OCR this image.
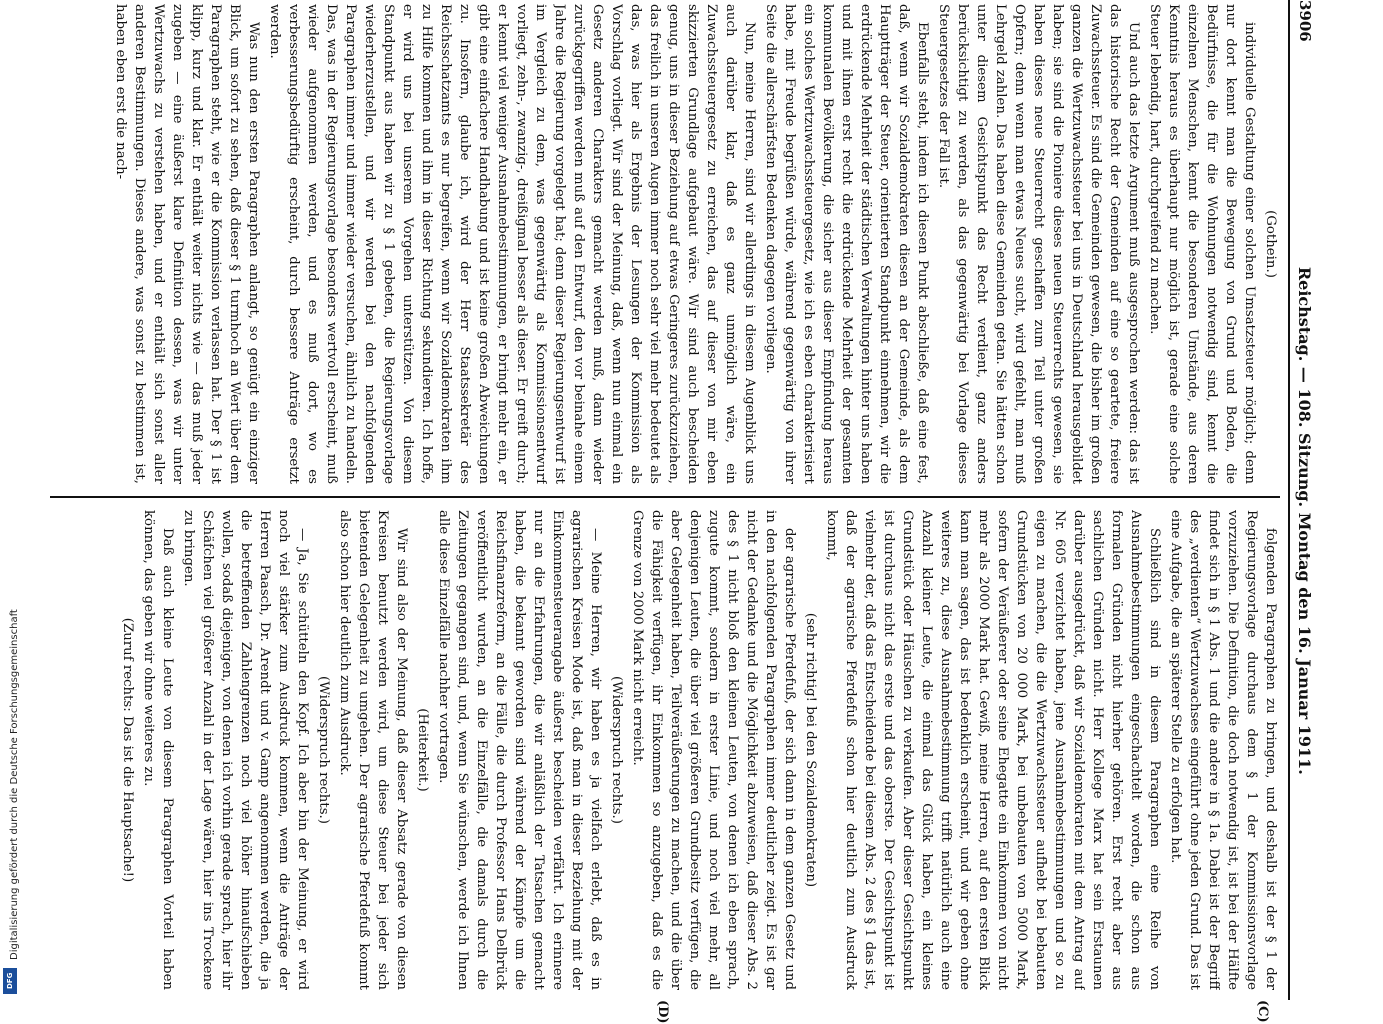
Digitalisierung gefördert durch die Deutsche Forschungsgemeinschaft
DFG
3906
Reichstag. — 108. Sitzung. Montag den 16. Januar 1911.

(Gothein.)

individuelle Gestaltung einer solchen Umsatzsteuer möglich; denn nur dort kennt man die Bewegung von Grund und Boden, die Bedürfnisse, die für die Wohnungen notwendig sind, kennt die einzelnen Menschen, kennt die besonderen Umstände, aus deren Kenntnis heraus es überhaupt nur möglich ist, gerade eine solche Steuer lebendig, hart, durchgreifend zu machen.

Und auch das letzte Argument muß ausgesprochen werden: das ist das historische Recht der Gemeinden auf eine so geartete, freiere Zuwachssteuer. Es sind die Gemeinden gewesen, die bisher im großen ganzen die Wertzuwachssteuer bei uns in Deutschland herausgebildet haben; sie sind die Pioniere dieses neuen Steuerrechts gewesen, sie haben dieses neue Steuerrecht geschaffen zum Teil unter großen Opfern; denn wenn man etwas Neues sucht, wird gefehlt, man muß Lehrgeld zahlen. Das haben diese Gemeinden getan. Sie hätten schon unter diesem Gesichtspunkt das Recht verdient, ganz anders berücksichtigt zu werden, als das gegenwärtig bei Vorlage dieses Steuergesetzes der Fall ist.

Ebenfalls steht, indem ich diesen Punkt abschließe, daß eine fest, daß, wenn wir Sozialdemokraten diesen an der Gemeinde, als dem Hauptträger der Steuer, orientierten Standpunkt einnehmen, wir die erdrückende Mehrheit der städtischen Verwaltungen hinter uns haben und mit ihnen erst recht die erdrückende Mehrheit der gesamten kommunalen Bevölkerung, die sicher aus dieser Empfindung heraus ein solches Wertzuwachssteuergesetz, wie ich es eben charakterisiert habe, mit Freude begrüßen würde, während gegenwärtig von ihrer Seite die allerschärfsten Bedenken dagegen vorliegen.

Nun, meine Herren, sind wir allerdings in diesem Augenblick uns auch darüber klar, daß es ganz unmöglich wäre, ein Zuwachssteuergesetz zu erreichen, das auf dieser von mir eben skizzierten Grundlage aufgebaut wäre. Wir sind auch bescheiden genug, uns in dieser Beziehung auf etwas Geringeres zurückzuziehen, das freilich in unseren Augen immer noch sehr viel mehr bedeutet als das, was hier als Ergebnis der Lesungen der Kommission als Vorschlag vorliegt. Wir sind der Meinung, daß, wenn nun einmal ein Gesetz anderen Charakters gemacht werden muß, dann wieder zurückgegriffen werden muß auf den Entwurf, den vor beinahe einem Jahre die Regierung vorgelegt hat; denn dieser Regierungsentwurf ist im Vergleich zu dem, was gegenwärtig als Kommissionsentwurf vorliegt, zehn-, zwanzig-, dreißigmal besser als dieser. Er greift durch; er kennt viel weniger Ausnahmebestimmungen, er bringt mehr ein, er gibt eine einfachere Handhabung und ist keine großen Abweichungen zu. Insofern, glaube ich, wird der Herr Staatssekretär des Reichsschatzamts es nur begreifen, wenn wir Sozialdemokraten ihm zu Hilfe kommen und ihm in dieser Richtung sekundieren. Ich hoffe, er wird uns bei unserem Vorgehen unterstützen. Von diesem Standpunkt aus haben wir zu § 1 gebeten, die Regierungsvorlage wiederherzustellen, und wir werden bei den nachfolgenden Paragraphen immer und immer wieder versuchen, ähnlich zu handeln. Das, was in der Regierungsvorlage besonders wertvoll erscheint, muß wieder aufgenommen werden, und es muß dort, wo es verbesserungsbedürftig erscheint, durch bessere Anträge ersetzt werden.

Was nun den ersten Paragraphen anlangt, so genügt ein einziger Blick, um sofort zu sehen, daß dieser § 1 turmhoch an Wert über dem Paragraphen steht, wie er die Kommission verlassen hat. Der § 1 ist klipp, kurz und klar. Er enthält weiter nichts wie — das muß jeder zugeben — eine äußerst klare Definition dessen, was wir unter Wertzuwachs zu verstehen haben, und er enthält sich sonst aller anderen Bestimmungen. Dieses andere, was sonst zu bestimmen ist, haben eben erst die nach-

folgenden Paragraphen zu bringen, und deshalb ist der § 1 der Regierungsvorlage durchaus dem § 1 der Kommissionsvorlage vorzuziehen. Die Definition, die doch notwendig ist, ist bei der Hälfte findet sich in § 1 Abs. 1 und die andere in § 1a. Dabei ist der Begriff des „verdienten“ Wertzuwachses eingeführt ohne jeden Grund. Das ist eine Aufgabe, die an späterer Stelle zu erfolgen hat.

Schließlich sind in diesem Paragraphen eine Reihe von Ausnahmebestimmungen eingeschachtelt worden, die schon aus formalen Gründen nicht hierher gehören. Erst recht aber aus sachlichen Gründen nicht. Herr Kollege Marx hat sein Erstaunen darüber ausgedrückt, daß wir Sozialdemokraten mit dem Antrag auf Nr. 605 verzichtet haben, jene Ausnahmebestimmungen und so zu eigen zu machen, die die Wertzuwachssteuer aufhebt bei bebauten Grundstücken von 20 000 Mark, bei unbebauten von 5000 Mark, sofern der Veräußerer oder seine Ehegatte ein Einkommen von nicht mehr als 2000 Mark hat. Gewiß, meine Herren, auf den ersten Blick kann man sagen, das ist bedenklich erscheint, und wir geben ohne weiteres zu, diese Ausnahmebestimmung trifft natürlich auch eine Anzahl kleiner Leute, die einmal das Glück haben, ein kleines Grundstück oder Häuschen zu verkaufen. Aber dieser Gesichtspunkt ist durchaus nicht das erste und das oberste. Der Gesichtspunkt ist vielmehr der, daß das Entscheidende bei diesem Abs. 2 des § 1 das ist, daß der agrarische Pferdefuß schon hier deutlich zum Ausdruck kommt,

(sehr richtig! bei den Sozialdemokraten)

der agrarische Pferdefuß, der sich dann in dem ganzen Gesetz und in den nachfolgenden Paragraphen immer deutlicher zeigt. Es ist gar nicht der Gedanke und die Möglichkeit abzuweisen, daß dieser Abs. 2 des § 1 nicht bloß den kleinen Leuten, von denen ich eben sprach, zugute kommt, sondern in erster Linie, und noch viel mehr, all denjenigen Leuten, die über viel größeren Grundbesitz verfügen, die aber Gelegenheit haben, Teilveräußerungen zu machen, und die über die Fähigkeit verfügen, ihr Einkommen so anzugeben, daß es die Grenze von 2000 Mark nicht erreicht.

(Widerspruch rechts.)

— Meine Herren, wir haben es ja vielfach erlebt, daß es in agrarischen Kreisen Mode ist, daß man in dieser Beziehung mit der Einkommensteuerangabe äußerst bescheiden verfährt. Ich erinnere nur an die Erfahrungen, die wir anläßlich der Tatsachen gemacht haben, die bekannt geworden sind während der Kämpfe um die Reichsfinanzreform, an die Fälle, die durch Professor Hans Delbrück veröffentlicht wurden, an die Einzelfälle, die damals durch die Zeitungen gegangen sind, und, wenn Sie wünschen, werde ich Ihnen alle diese Einzelfälle nachher vortragen.

(Heiterkeit.)

Wir sind also der Meinung, daß dieser Absatz gerade von diesen Kreisen benutzt werden wird, um diese Steuer bei jeder sich bietenden Gelegenheit zu umgehen. Der agrarische Pferdefuß kommt also schon hier deutlich zum Ausdruck.

(Widerspruch rechts.)

— Ja, Sie schütteln den Kopf. Ich aber bin der Meinung, er wird noch viel stärker zum Ausdruck kommen, wenn die Anträge der Herren Paasch, Dr. Arendt und v. Gamp angenommen werden, die ja die betreffenden Zahlengrenzen noch viel höher hinaufschieben wollen, sodaß diejenigen, von denen ich vorhin gerade sprach, hier ihr Schäfchen viel größerer Anzahl in der Lage wären, hier ins Trockene zu bringen.

Daß auch kleine Leute von diesem Paragraphen Vorteil haben können, das geben wir ohne weiteres zu.

(Zuruf rechts: Das ist die Hauptsache!)

(C)
(D)
